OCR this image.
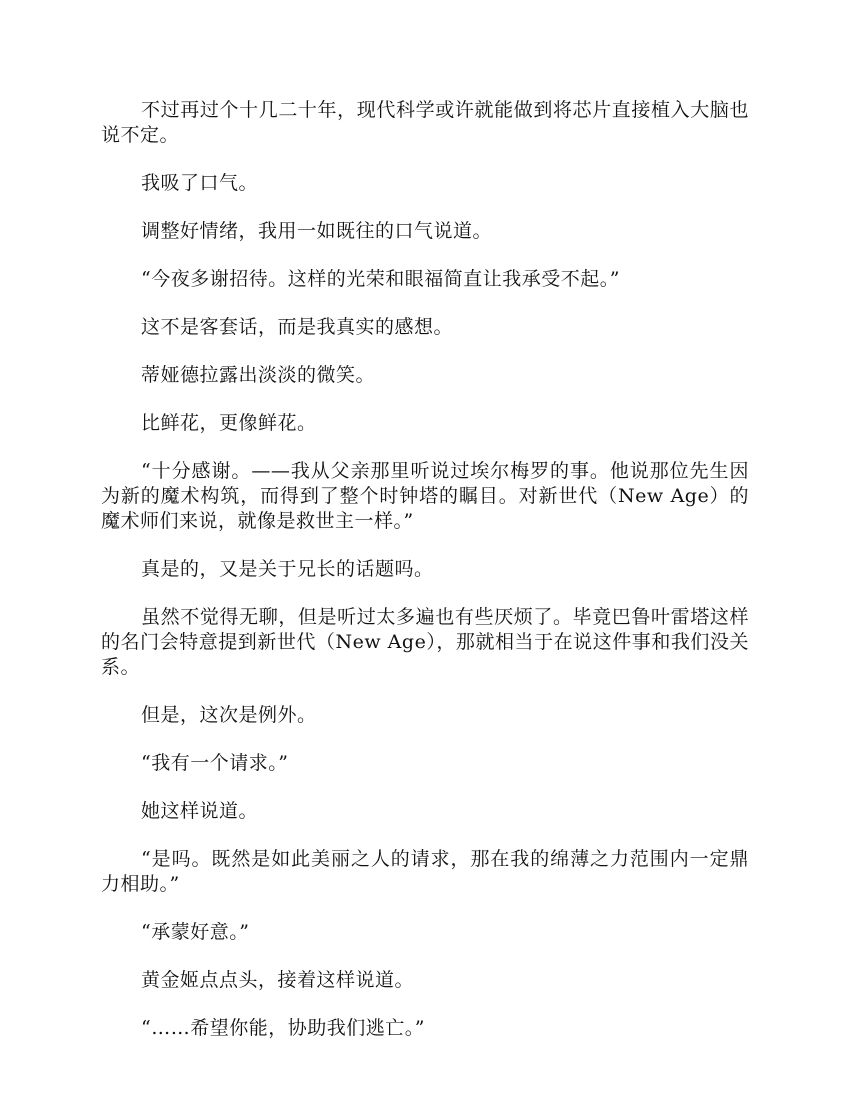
不过再过个十几二十年，现代科学或许就能做到将芯片直接植入大脑也说不定。

我吸了口气。

调整好情绪，我用一如既往的口气说道。

“今夜多谢招待。这样的光荣和眼福简直让我承受不起。”

这不是客套话，而是我真实的感想。

蒂娅德拉露出淡淡的微笑。

比鲜花，更像鲜花。

“十分感谢。——我从父亲那里听说过埃尔梅罗的事。他说那位先生因为新的魔术构筑，而得到了整个时钟塔的瞩目。对新世代（New Age）的魔术师们来说，就像是救世主一样。”

真是的，又是关于兄长的话题吗。

虽然不觉得无聊，但是听过太多遍也有些厌烦了。毕竟巴鲁叶雷塔这样的名门会特意提到新世代（New Age），那就相当于在说这件事和我们没关系。

但是，这次是例外。

“我有一个请求。”

她这样说道。

“是吗。既然是如此美丽之人的请求，那在我的绵薄之力范围内一定鼎力相助。”

“承蒙好意。”

黄金姬点点头，接着这样说道。

“……希望你能，协助我们逃亡。”
